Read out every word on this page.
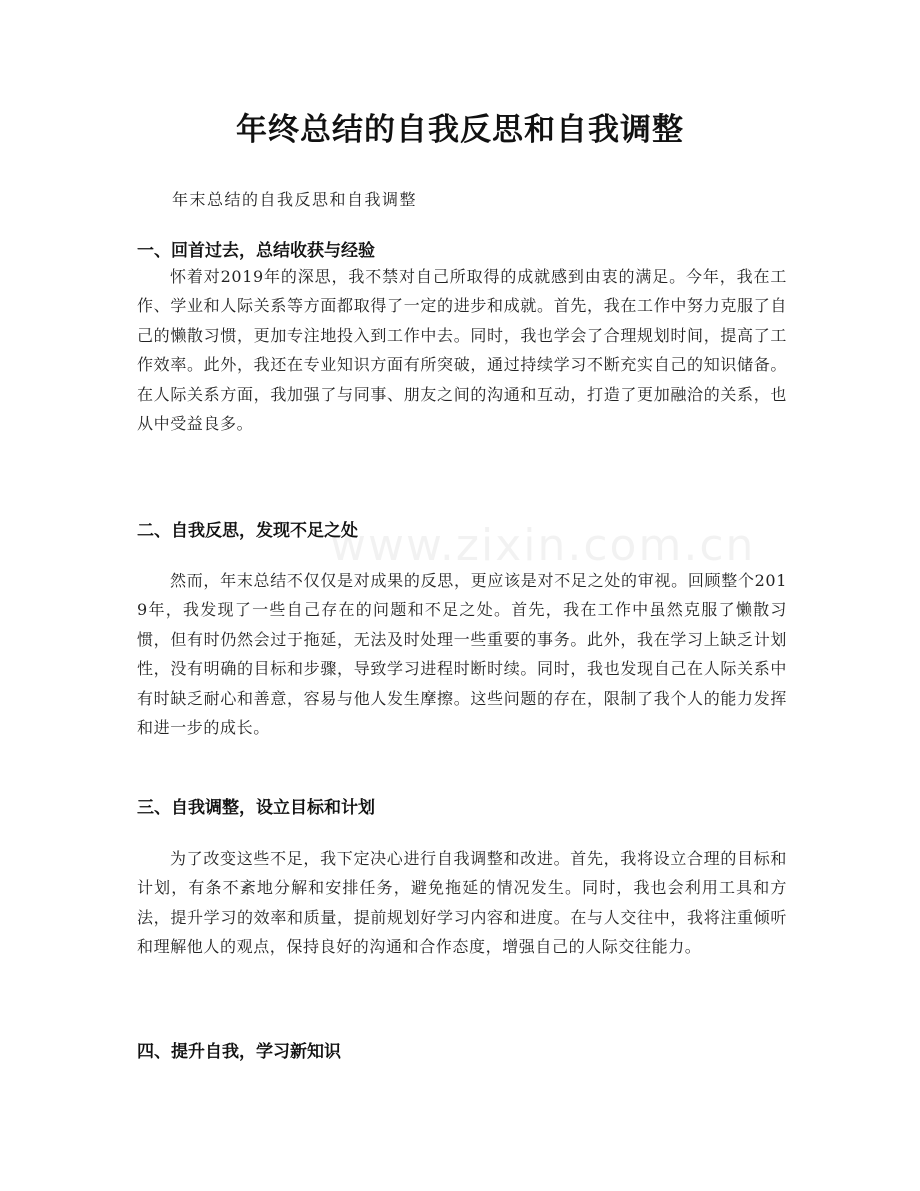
www.zixin.com.cn
年终总结的自我反思和自我调整
年末总结的自我反思和自我调整
一、回首过去，总结收获与经验

怀着对2019年的深思，我不禁对自己所取得的成就感到由衷的满足。今年，我在工作、学业和人际关系等方面都取得了一定的进步和成就。首先，我在工作中努力克服了自己的懒散习惯，更加专注地投入到工作中去。同时，我也学会了合理规划时间，提高了工作效率。此外，我还在专业知识方面有所突破，通过持续学习不断充实自己的知识储备。在人际关系方面，我加强了与同事、朋友之间的沟通和互动，打造了更加融洽的关系，也从中受益良多。

二、自我反思，发现不足之处

然而，年末总结不仅仅是对成果的反思，更应该是对不足之处的审视。回顾整个2019年，我发现了一些自己存在的问题和不足之处。首先，我在工作中虽然克服了懒散习惯，但有时仍然会过于拖延，无法及时处理一些重要的事务。此外，我在学习上缺乏计划性，没有明确的目标和步骤，导致学习进程时断时续。同时，我也发现自己在人际关系中有时缺乏耐心和善意，容易与他人发生摩擦。这些问题的存在，限制了我个人的能力发挥和进一步的成长。

三、自我调整，设立目标和计划

为了改变这些不足，我下定决心进行自我调整和改进。首先，我将设立合理的目标和计划，有条不紊地分解和安排任务，避免拖延的情况发生。同时，我也会利用工具和方法，提升学习的效率和质量，提前规划好学习内容和进度。在与人交往中，我将注重倾听和理解他人的观点，保持良好的沟通和合作态度，增强自己的人际交往能力。

四、提升自我，学习新知识
